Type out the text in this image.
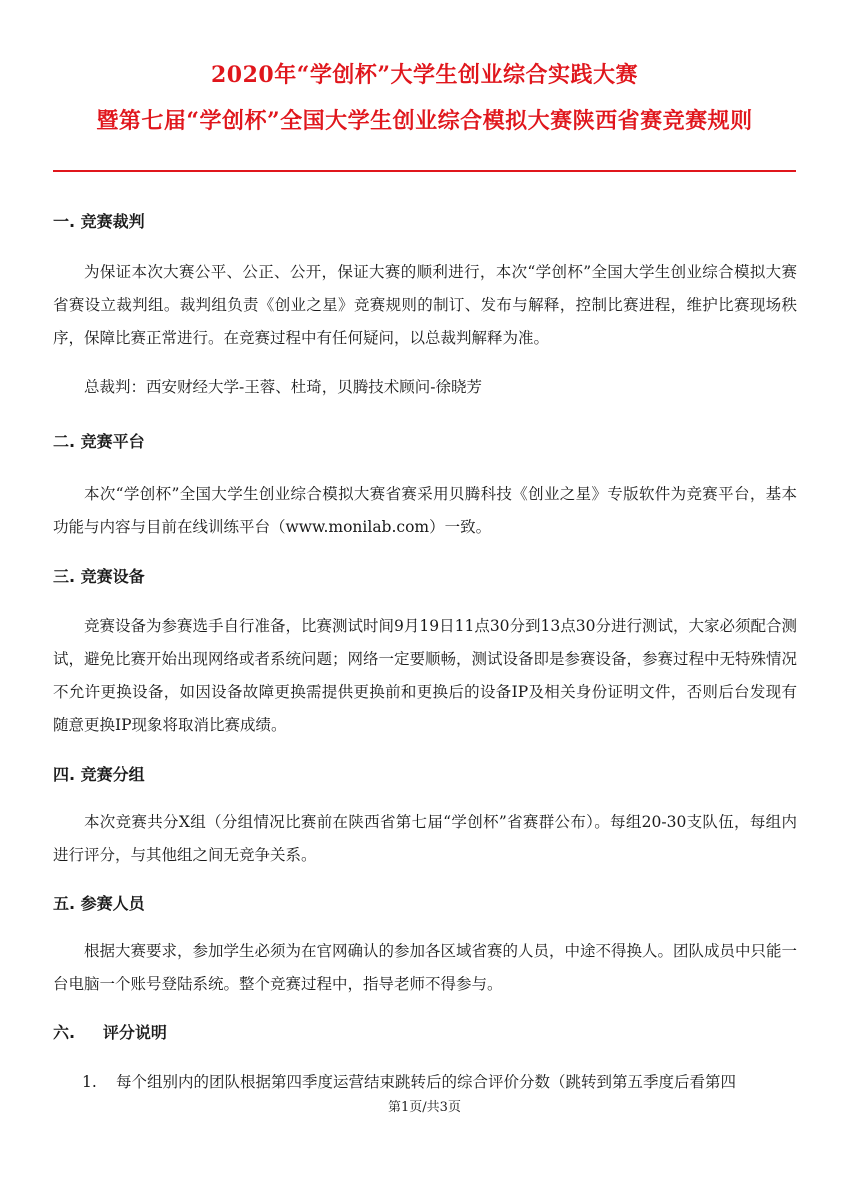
2020年“学创杯”大学生创业综合实践大赛
暨第七届“学创杯”全国大学生创业综合模拟大赛陕西省赛竞赛规则
一. 竞赛裁判
为保证本次大赛公平、公正、公开，保证大赛的顺利进行，本次“学创杯”全国大学生创业综合模拟大赛省赛设立裁判组。裁判组负责《创业之星》竞赛规则的制订、发布与解释，控制比赛进程，维护比赛现场秩序，保障比赛正常进行。在竞赛过程中有任何疑问，以总裁判解释为准。
总裁判：西安财经大学-王蓉、杜琦，贝腾技术顾问-徐晓芳
二. 竞赛平台
本次“学创杯”全国大学生创业综合模拟大赛省赛采用贝腾科技《创业之星》专版软件为竞赛平台，基本功能与内容与目前在线训练平台（www.monilab.com）一致。
三. 竞赛设备
竞赛设备为参赛选手自行准备，比赛测试时间9月19日11点30分到13点30分进行测试，大家必须配合测试，避免比赛开始出现网络或者系统问题；网络一定要顺畅，测试设备即是参赛设备，参赛过程中无特殊情况不允许更换设备，如因设备故障更换需提供更换前和更换后的设备IP及相关身份证明文件，否则后台发现有随意更换IP现象将取消比赛成绩。
四. 竞赛分组
本次竞赛共分X组（分组情况比赛前在陕西省第七届“学创杯”省赛群公布）。每组20-30支队伍，每组内进行评分，与其他组之间无竞争关系。
五. 参赛人员
根据大赛要求，参加学生必须为在官网确认的参加各区域省赛的人员，中途不得换人。团队成员中只能一台电脑一个账号登陆系统。整个竞赛过程中，指导老师不得参与。
六.     评分说明
1. 每个组别内的团队根据第四季度运营结束跳转后的综合评价分数（跳转到第五季度后看第四
第1页/共3页
